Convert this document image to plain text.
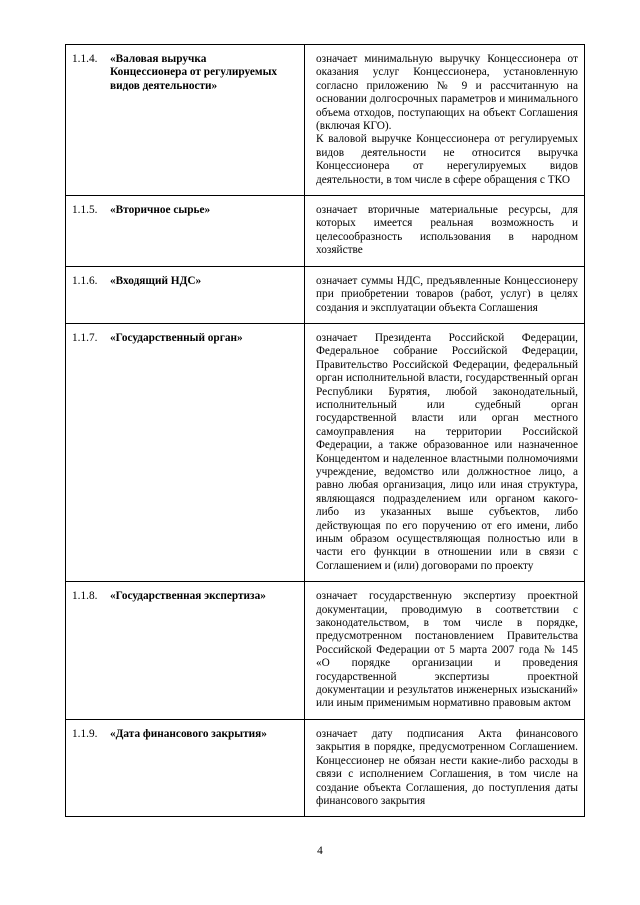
1.1.4. «Валовая выручка Концессионера от регулируемых видов деятельности»	означает минимальную выручку Концессионера от оказания услуг Концессионера, установленную согласно приложению № 9 и рассчитанную на основании долгосрочных параметров и минимального объема отходов, поступающих на объект Соглашения (включая КГО).

К валовой выручке Концессионера от регулируемых видов деятельности не относится выручка Концессионера от нерегулируемых видов деятельности, в том числе в сфере обращения с ТКО

1.1.5. «Вторичное сырье»	означает вторичные материальные ресурсы, для которых имеется реальная возможность и целесообразность использования в народном хозяйстве

1.1.6. «Входящий НДС»	означает суммы НДС, предъявленные Концессионеру при приобретении товаров (работ, услуг) в целях создания и эксплуатации объекта Соглашения

1.1.7. «Государственный орган»	означает Президента Российской Федерации, Федеральное собрание Российской Федерации, Правительство Российской Федерации, федеральный орган исполнительной власти, государственный орган Республики Бурятия, любой законодательный, исполнительный или судебный орган государственной власти или орган местного самоуправления на территории Российской Федерации, а также образованное или назначенное Концедентом и наделенное властными полномочиями учреждение, ведомство или должностное лицо, а равно любая организация, лицо или иная структура, являющаяся подразделением или органом какого-либо из указанных выше субъектов, либо действующая по его поручению от его имени, либо иным образом осуществляющая полностью или в части его функции в отношении или в связи с Соглашением и (или) договорами по проекту

1.1.8. «Государственная экспертиза»	означает государственную экспертизу проектной документации, проводимую в соответствии с законодательством, в том числе в порядке, предусмотренном постановлением Правительства Российской Федерации от 5 марта 2007 года № 145 «О порядке организации и проведения государственной экспертизы проектной документации и результатов инженерных изысканий» или иным применимым нормативно правовым актом

1.1.9. «Дата финансового закрытия»	означает дату подписания Акта финансового закрытия в порядке, предусмотренном Соглашением. Концессионер не обязан нести какие-либо расходы в связи с исполнением Соглашения, в том числе на создание объекта Соглашения, до поступления даты финансового закрытия

4
